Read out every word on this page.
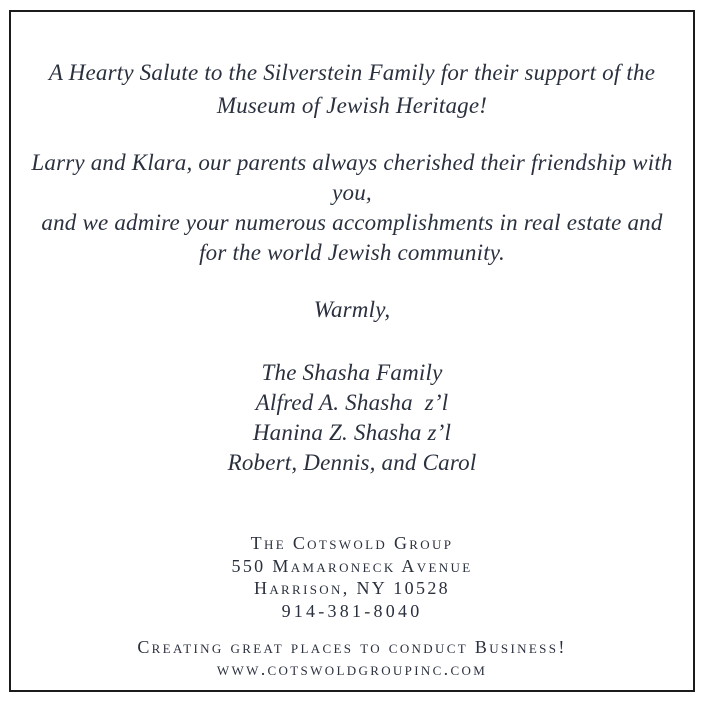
A Hearty Salute to the Silverstein Family for their support of the
Museum of Jewish Heritage!
Larry and Klara, our parents always cherished their friendship with you,
and we admire your numerous accomplishments in real estate and
for the world Jewish community.
Warmly,
The Shasha Family
Alfred A. Shasha  z’l
Hanina Z. Shasha z’l
Robert, Dennis, and Carol
The Cotswold Group
550 Mamaroneck Avenue
Harrison, NY 10528
914-381-8040
Creating great places to conduct Business!
www.cotswoldgroupinc.com
